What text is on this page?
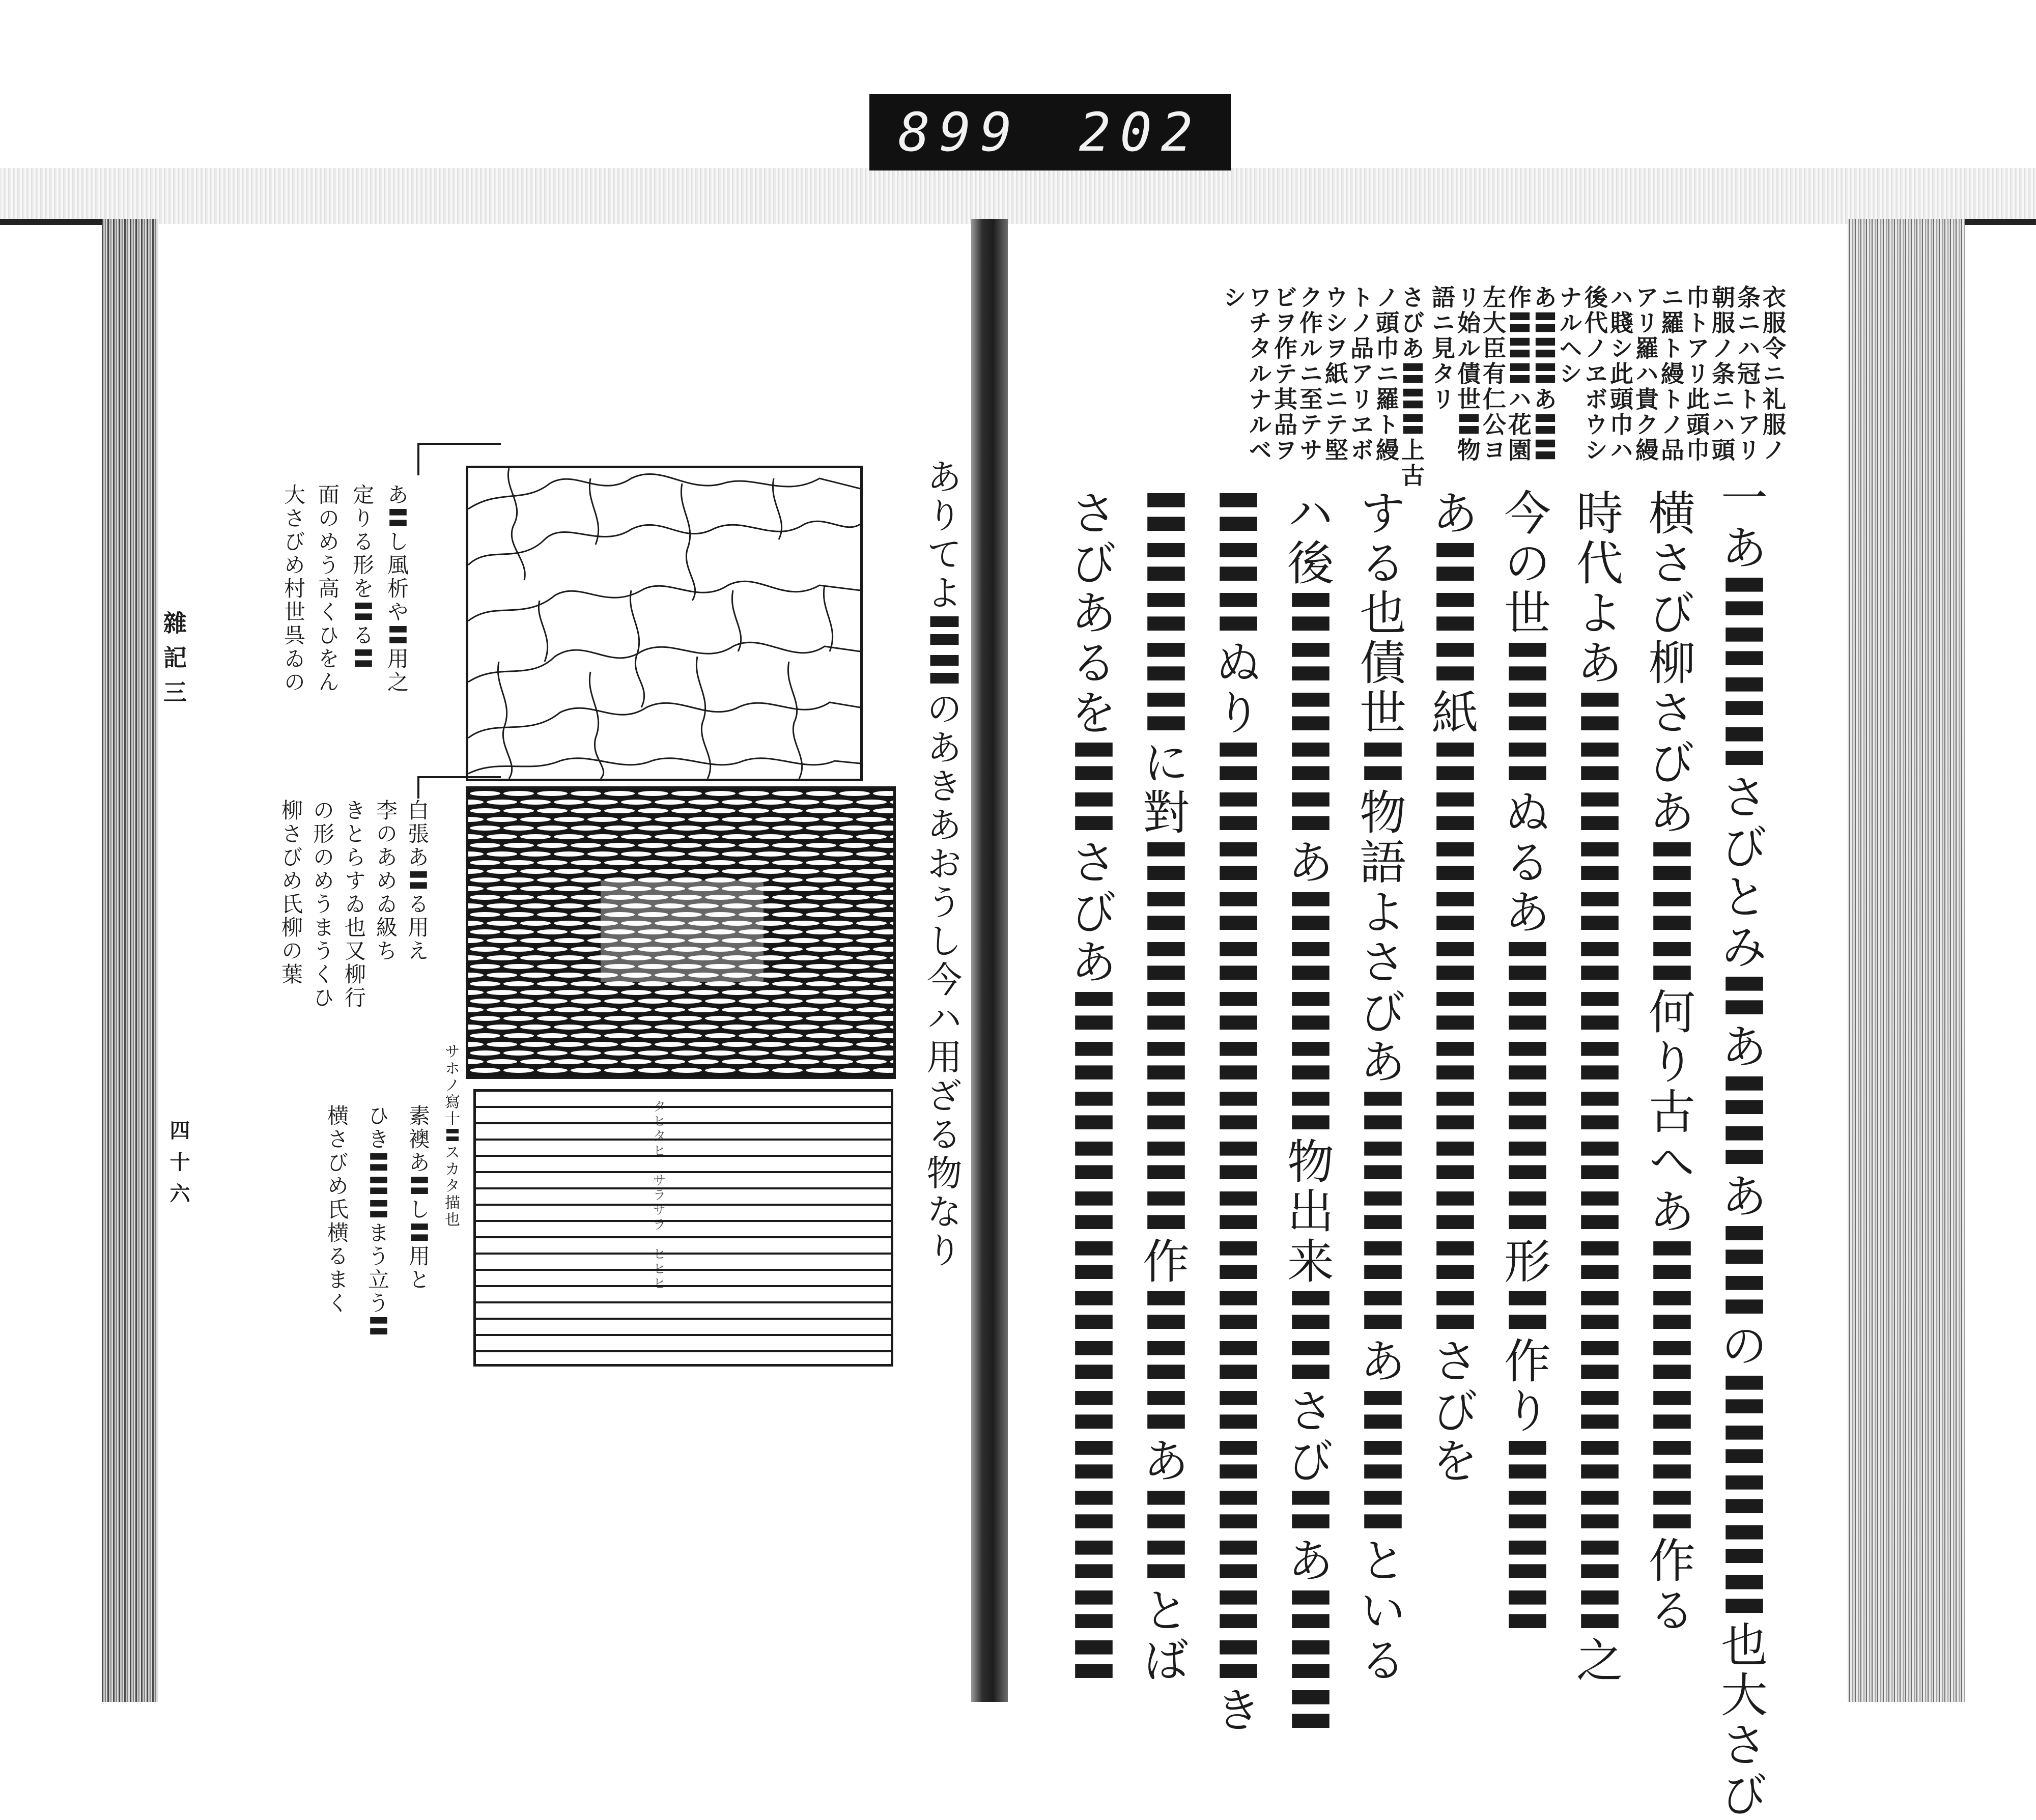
899 202
雜記三
四十六	ありてよ〓〓のあきあおうし今ハ用ざる物なり
大さびめ村世呉ゐの 面のめう高くひをん 定りる形を〓る〓 あ〓し風析や〓用之
柳さびめ氏柳の葉 の形のめうまうくひ きとらすゐ也又柳行 李のあめゐ級ち 白張あ〓る用え
サホノ寫十〓スカタ描也	タヒタヒ　サラサラ　ヒヒヒ
横さびめ氏横るまく ひき〓〓〓まう立う〓 素襖あ〓し〓用と
シ
ワチタルナルベ
ビヲ作テ其品ヲ
ク作ルニ至テサ
ウシヲ紙ニテ堅
トノ品アリヱボ
ノ頭巾ニ羅ト縵
さびあ〓〓〓上古 語ニ見タリ
リ始ル債世〓物
左大臣有仁公ヨ
作〓〓〓ハ花園
あ〓〓〓あ〓〓
ナルヘシ
後代ノヱボウシ
ハ賤シ此頭巾ハ
アリ羅ハ貴ク縵
ニ羅ト縵トノ品
巾トアリ此頭巾
朝服ノ条ニハ頭
条ニハ冠トアリ
衣服令ニ礼服ノ
さびあるを〓〓さびあ〓〓〓〓〓〓〓〓〓〓〓〓〓〓 〓〓〓〓〓に對〓〓〓〓〓〓〓〓作〓〓〓あ〓〓とば 〓〓〓ぬり〓〓〓〓〓〓〓〓〓〓〓〓〓〓〓〓〓〓〓き ハ後〓〓〓〓〓あ〓〓〓〓〓物出来〓〓さび〓あ〓〓〓 する也債世〓物語よさびあ〓〓〓〓〓あ〓〓〓といる あ〓〓〓紙〓〓〓〓〓〓〓〓〓〓〓〓さびを 今の世〓〓〓ぬるあ〓〓〓〓〓〓形〓作り〓〓〓〓 時代よあ〓〓〓〓〓〓〓〓〓〓〓〓〓〓〓〓〓〓〓之 横さび柳さびあ〓〓〓何り古へあ〓〓〓〓〓〓作る 一あ〓〓〓〓さびとみ〓あ〓〓あ〓〓の〓〓〓〓〓也大さび
